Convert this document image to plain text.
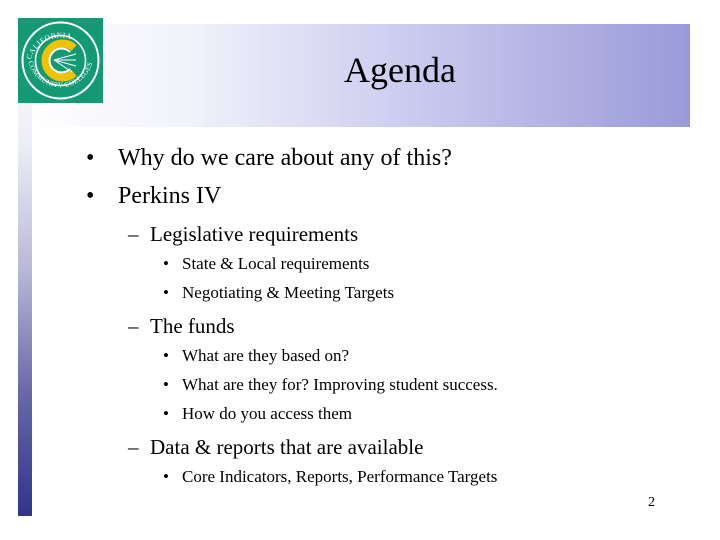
CALIFORNIA
COMMUNITY COLLEGES	Agenda
• Why do we care about any of this?
• Perkins IV
– Legislative requirements
• State & Local requirements
• Negotiating & Meeting Targets
– The funds
• What are they based on?
• What are they for? Improving student success.
• How do you access them
– Data & reports that are available
• Core Indicators, Reports, Performance Targets
2
